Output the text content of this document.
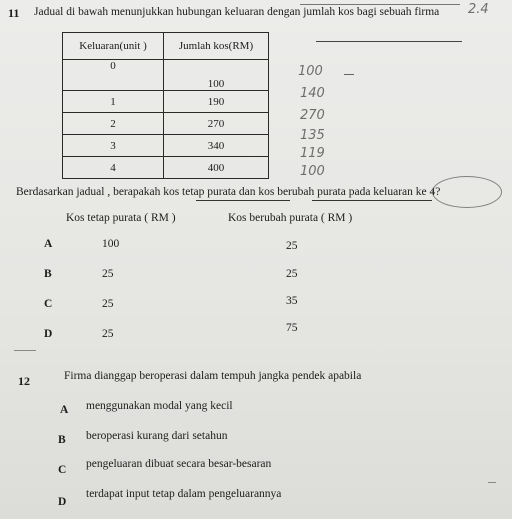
11 Jadual di bawah menunjukkan hubungan keluaran dengan jumlah kos bagi sebuah firma
Keluaran(unit )	Jumlah kos(RM)
0	100
1	190
2	270
3	340
4	400
2.4
100
140
270
135
119
100
Berdasarkan jadual , berapakah kos tetap purata dan kos berubah purata pada keluaran ke 4?
Kos tetap purata ( RM )	Kos berubah purata ( RM )
A	100	25
B	25	25
C	25	35
D	25	75
12	Firma dianggap beroperasi dalam tempuh jangka pendek apabila
A menggunakan modal yang kecil
B beroperasi kurang dari setahun
C pengeluaran dibuat secara besar-besaran
D
terdapat input tetap dalam pengeluarannya
